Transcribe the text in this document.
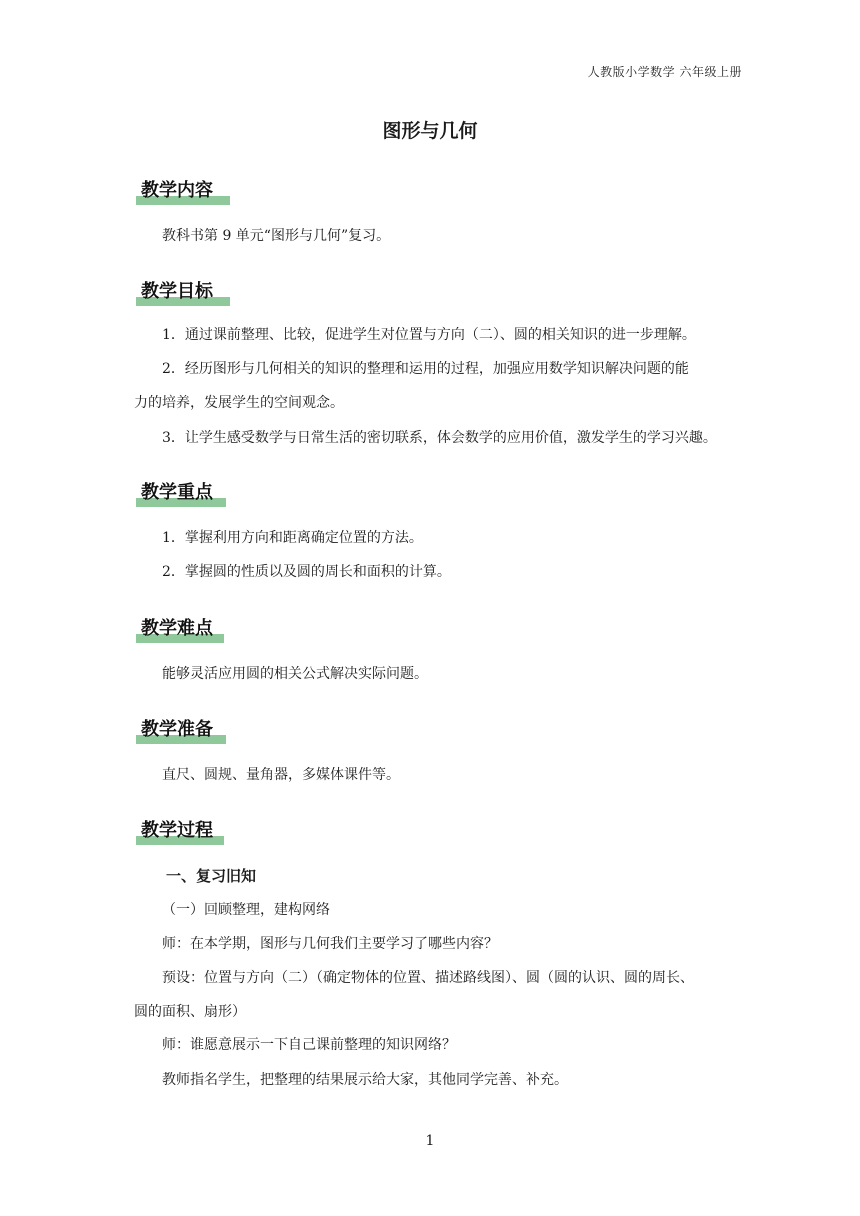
人教版小学数学 六年级上册
图形与几何
教学内容
教科书第 9 单元“图形与几何”复习。
教学目标
1．通过课前整理、比较，促进学生对位置与方向（二）、圆的相关知识的进一步理解。
2．经历图形与几何相关的知识的整理和运用的过程，加强应用数学知识解决问题的能
力的培养，发展学生的空间观念。
3．让学生感受数学与日常生活的密切联系，体会数学的应用价值，激发学生的学习兴趣。
教学重点
1．掌握利用方向和距离确定位置的方法。
2．掌握圆的性质以及圆的周长和面积的计算。
教学难点
能够灵活应用圆的相关公式解决实际问题。
教学准备
直尺、圆规、量角器，多媒体课件等。
教学过程
一、复习旧知
（一）回顾整理，建构网络
师：在本学期，图形与几何我们主要学习了哪些内容？
预设：位置与方向（二）（确定物体的位置、描述路线图）、圆（圆的认识、圆的周长、
圆的面积、扇形）
师：谁愿意展示一下自己课前整理的知识网络？
教师指名学生，把整理的结果展示给大家，其他同学完善、补充。
1
